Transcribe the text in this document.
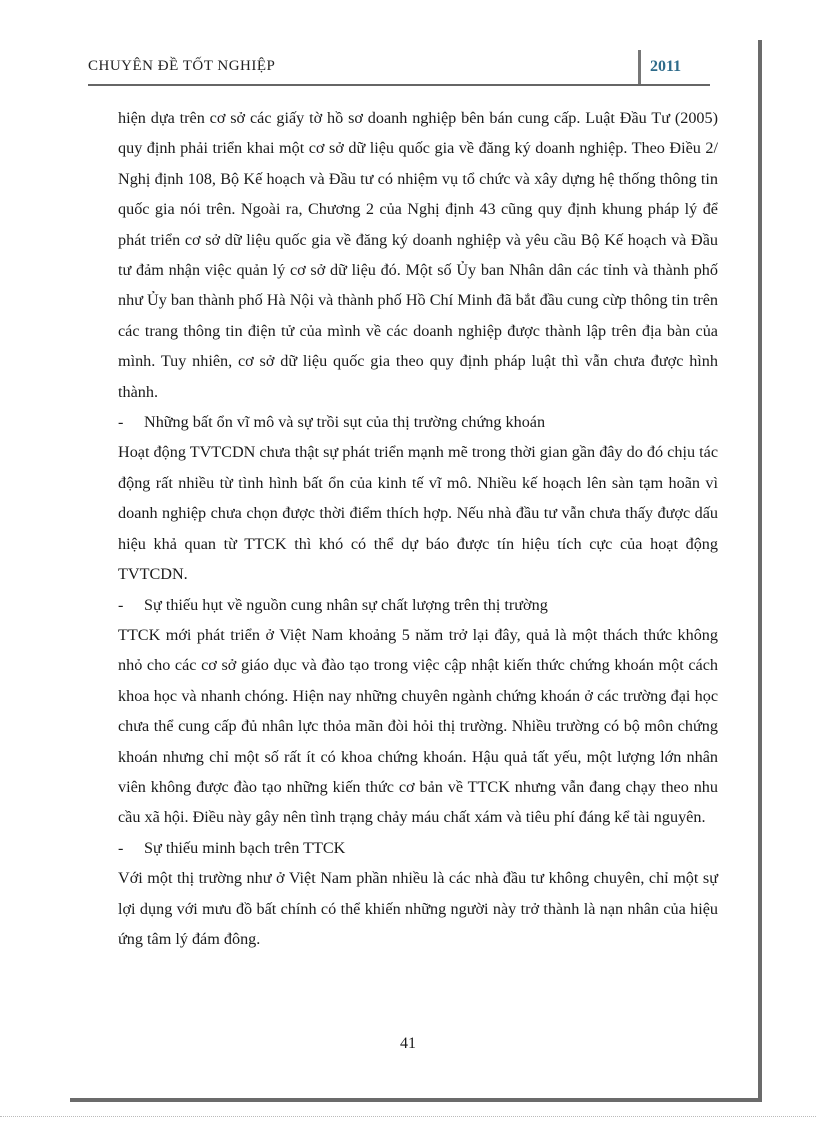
CHUYÊN ĐỀ TỐT NGHIỆP	2011

hiện dựa trên cơ sở các giấy tờ hồ sơ doanh nghiệp bên bán cung cấp. Luật Đầu Tư (2005) quy định phải triển khai một cơ sở dữ liệu quốc gia về đăng ký doanh nghiệp. Theo Điều 2/ Nghị định 108, Bộ Kế hoạch và Đầu tư có nhiệm vụ tổ chức và xây dựng hệ thống thông tin quốc gia nói trên. Ngoài ra, Chương 2 của Nghị định 43 cũng quy định khung pháp lý để phát triển cơ sở dữ liệu quốc gia về đăng ký doanh nghiệp và yêu cầu Bộ Kế hoạch và Đầu tư đảm nhận việc quản lý cơ sở dữ liệu đó. Một số Ủy ban Nhân dân các tỉnh và thành phố như Ủy ban thành phố Hà Nội và thành phố Hồ Chí Minh đã bắt đầu cung cừp thông tin trên các trang thông tin điện tử của mình về các doanh nghiệp được thành lập trên địa bàn của mình. Tuy nhiên, cơ sở dữ liệu quốc gia theo quy định pháp luật thì vẫn chưa được hình thành.

-	Những bất ổn vĩ mô và sự trồi sụt của thị trường chứng khoán

Hoạt động TVTCDN chưa thật sự phát triển mạnh mẽ trong thời gian gần đây do đó chịu tác động rất nhiều từ tình hình bất ổn của kinh tế vĩ mô. Nhiều kế hoạch lên sàn tạm hoãn vì doanh nghiệp chưa chọn được thời điểm thích hợp. Nếu nhà đầu tư vẫn chưa thấy được dấu hiệu khả quan từ TTCK thì khó có thể dự báo được tín hiệu tích cực của hoạt động TVTCDN.

-	Sự thiếu hụt về nguồn cung nhân sự chất lượng trên thị trường

TTCK mới phát triển ở Việt Nam khoảng 5 năm trở lại đây, quả là một thách thức không nhỏ cho các cơ sở giáo dục và đào tạo trong việc cập nhật kiến thức chứng khoán một cách khoa học và nhanh chóng. Hiện nay những chuyên ngành chứng khoán ở các trường đại học chưa thể cung cấp đủ nhân lực thỏa mãn đòi hỏi thị trường. Nhiều trường có bộ môn chứng khoán nhưng chỉ một số rất ít có khoa chứng khoán. Hậu quả tất yếu, một lượng lớn nhân viên không được đào tạo những kiến thức cơ bản về TTCK nhưng vẫn đang chạy theo nhu cầu xã hội. Điều này gây nên tình trạng chảy máu chất xám và tiêu phí đáng kể tài nguyên.

-	Sự thiếu minh bạch trên TTCK

Với một thị trường như ở Việt Nam phần nhiều là các nhà đầu tư không chuyên, chỉ một sự lợi dụng với mưu đồ bất chính có thể khiến những người này trở thành là nạn nhân của hiệu ứng tâm lý đám đông.

41
